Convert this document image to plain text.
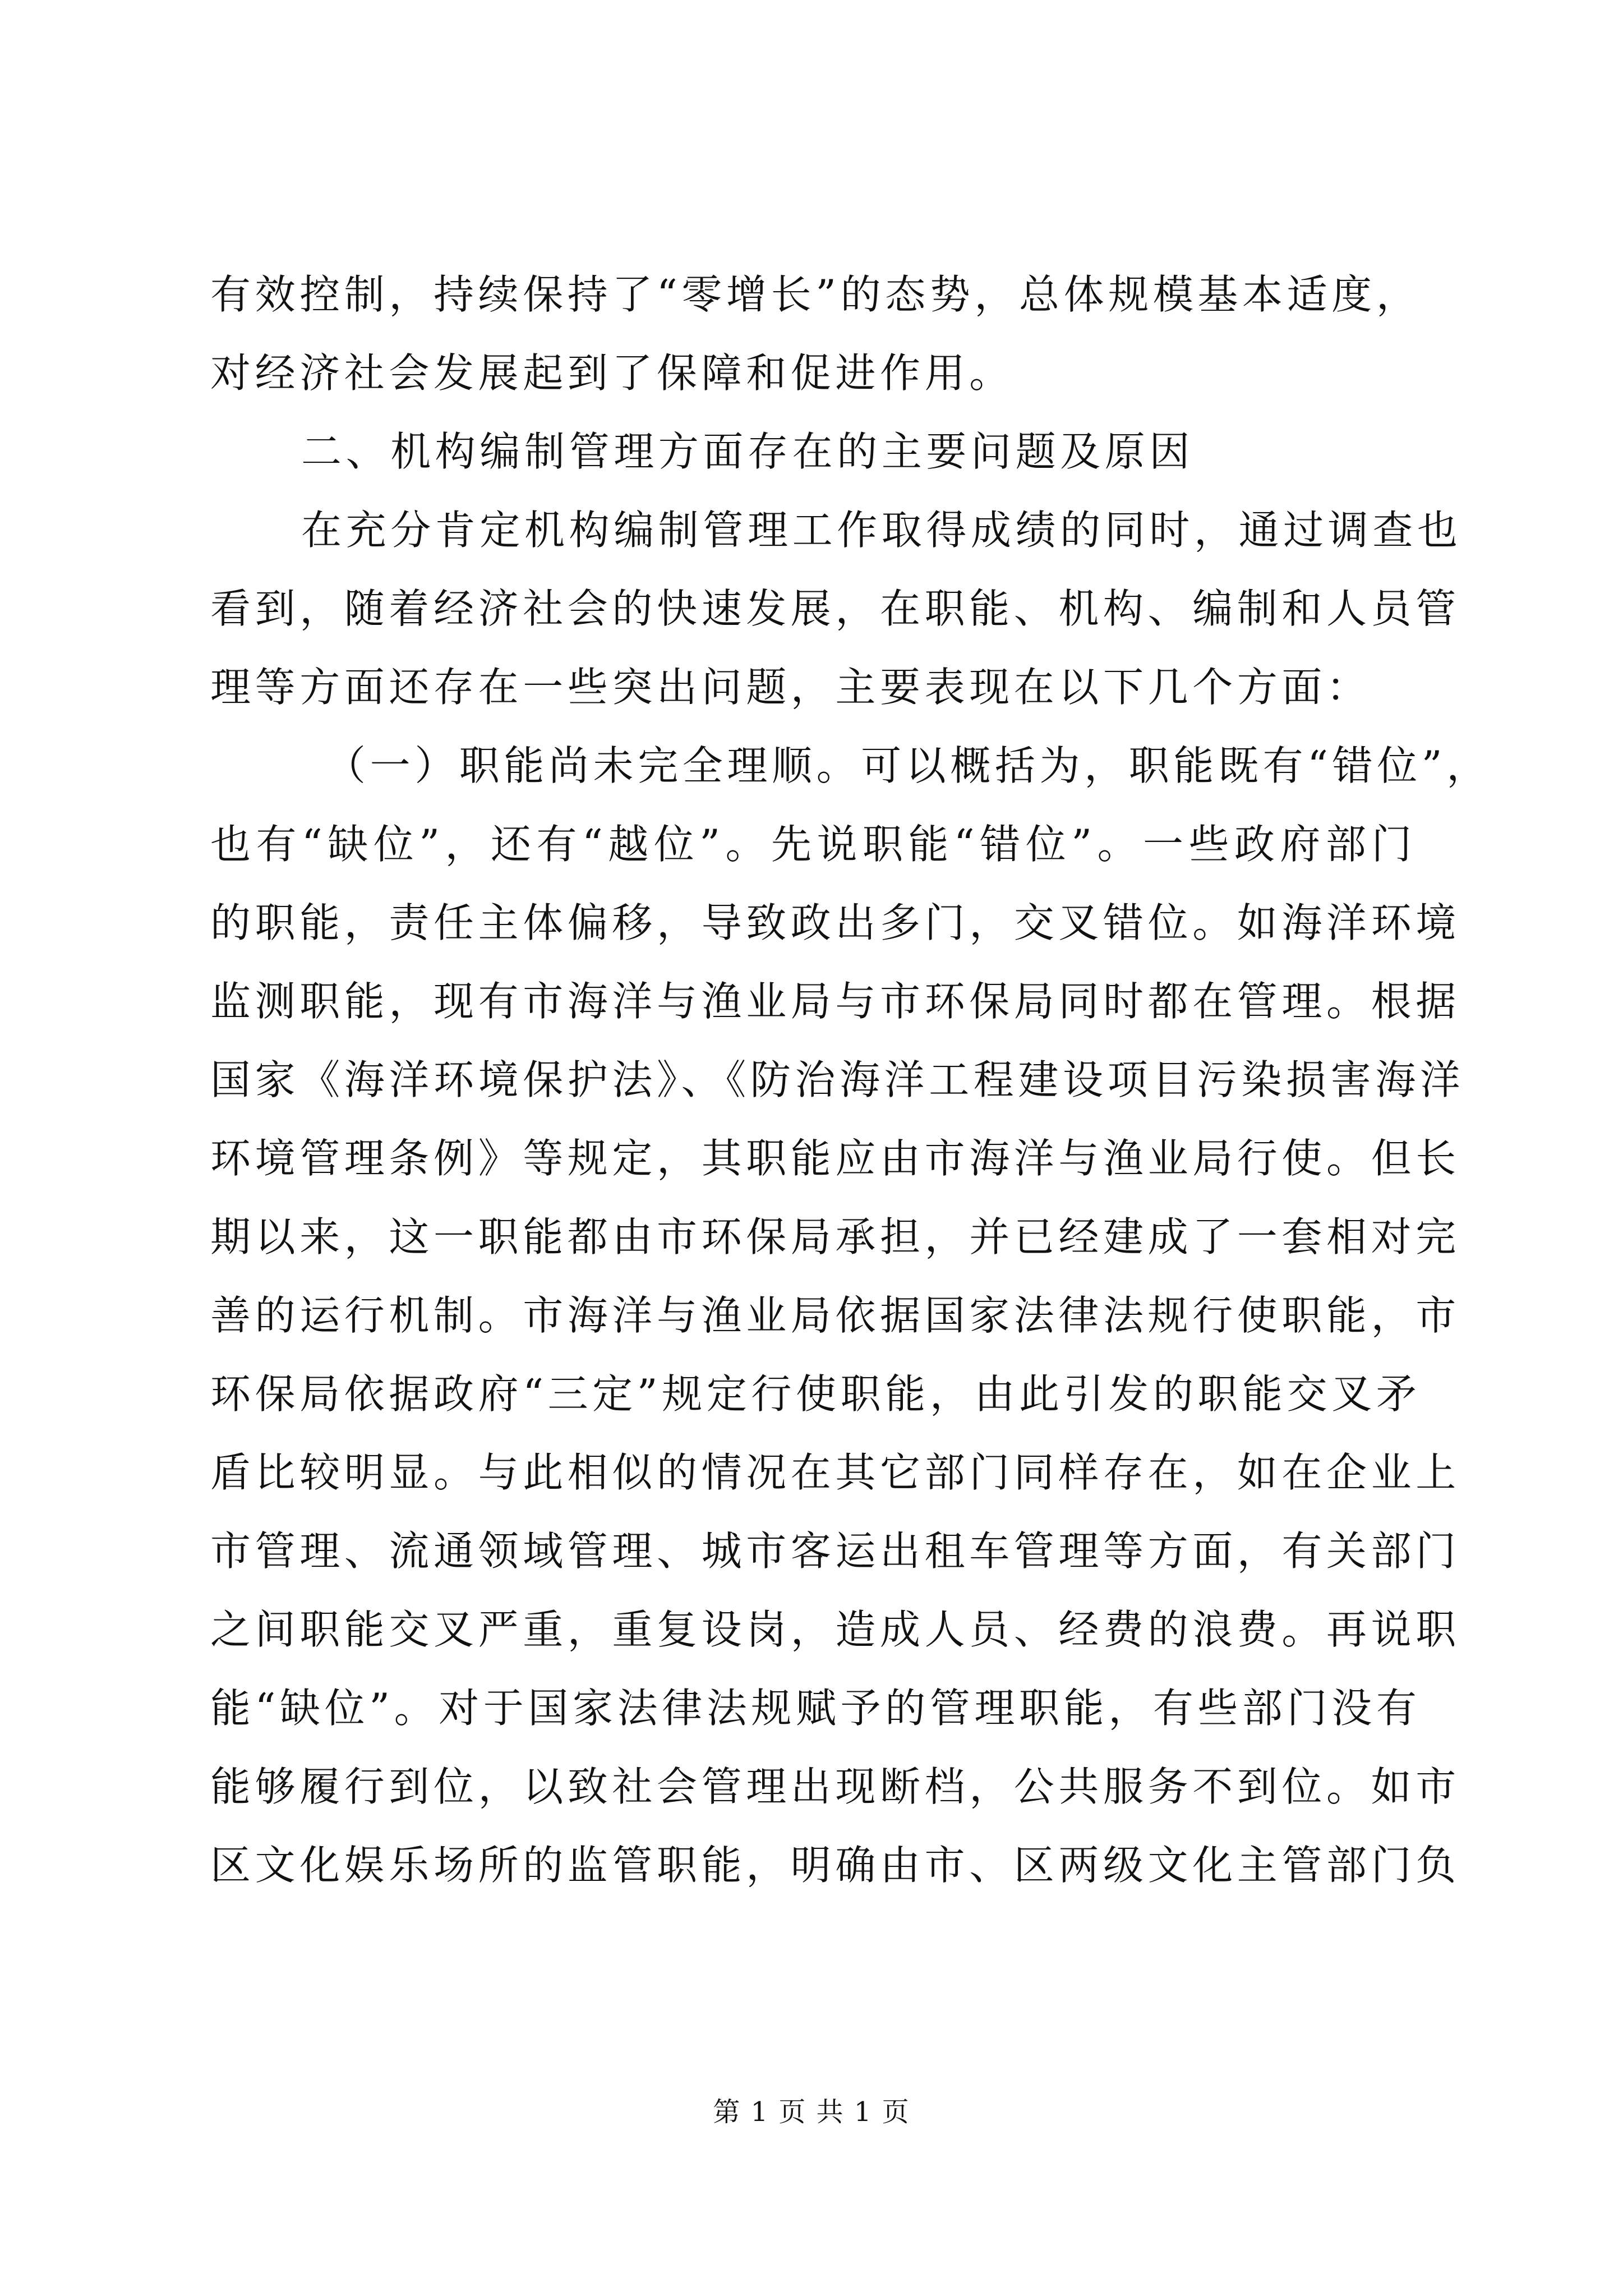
有效控制，持续保持了“零增长”的态势，总体规模基本适度，

对经济社会发展起到了保障和促进作用。

二、机构编制管理方面存在的主要问题及原因

在充分肯定机构编制管理工作取得成绩的同时，通过调查也

看到，随着经济社会的快速发展，在职能、机构、编制和人员管

理等方面还存在一些突出问题，主要表现在以下几个方面：

（一）职能尚未完全理顺。可以概括为，职能既有“错位”，

也有“缺位”，还有“越位”。先说职能“错位”。一些政府部门

的职能，责任主体偏移，导致政出多门，交叉错位。如海洋环境

监测职能，现有市海洋与渔业局与市环保局同时都在管理。根据

国家《海洋环境保护法》、《防治海洋工程建设项目污染损害海洋

环境管理条例》等规定，其职能应由市海洋与渔业局行使。但长

期以来，这一职能都由市环保局承担，并已经建成了一套相对完

善的运行机制。市海洋与渔业局依据国家法律法规行使职能，市

环保局依据政府“三定”规定行使职能，由此引发的职能交叉矛

盾比较明显。与此相似的情况在其它部门同样存在，如在企业上

市管理、流通领域管理、城市客运出租车管理等方面，有关部门

之间职能交叉严重，重复设岗，造成人员、经费的浪费。再说职

能“缺位”。对于国家法律法规赋予的管理职能，有些部门没有

能够履行到位，以致社会管理出现断档，公共服务不到位。如市

区文化娱乐场所的监管职能，明确由市、区两级文化主管部门负

第 1 页 共 1 页
